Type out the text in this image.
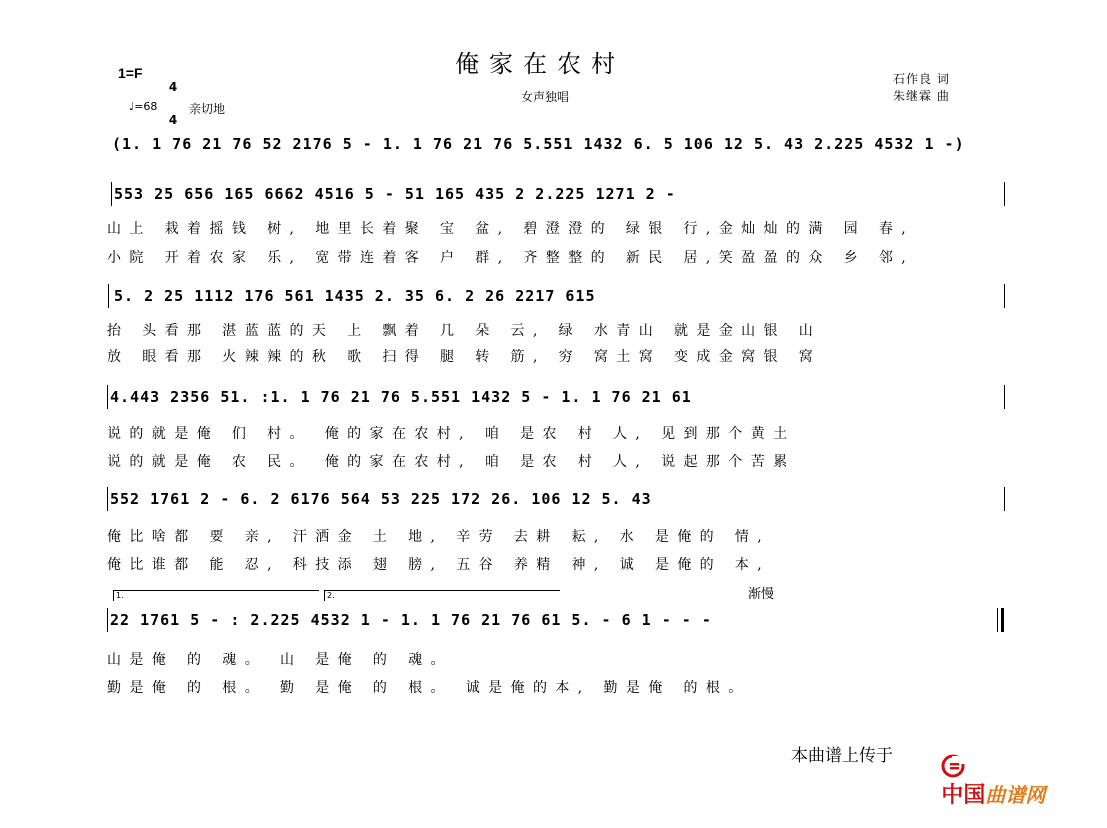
俺家在农村
女声独唱
1=F

4

4

♩=68	亲切地
石作良 词
朱继霖 曲
(1. 1 76 21 76 52 2176 5 - 1. 1 76 21 76 5.551 1432 6. 5 106 12 5. 43 2.225 4532 1 -)
553 25 656 165 6662 4516 5 - 51 165 435 2 2.225 1271 2 -
山上 栽着摇钱 树, 地里长着聚 宝 盆, 碧澄澄的 绿银 行,金灿灿的满 园 春,
小院 开着农家 乐, 宽带连着客 户 群, 齐整整的 新民 居,笑盈盈的众 乡 邻,
5. 2 25 1112 176 561 1435 2. 35 6. 2 26 2217 615
抬 头看那 湛蓝蓝的天 上 飘着 几 朵 云, 绿 水青山 就是金山银 山
放 眼看那 火辣辣的秋 歌 扫得 腿 转 筋, 穷 窝土窝 变成金窝银 窝
4.443 2356 51. :1. 1 76 21 76 5.551 1432 5 - 1. 1 76 21 61
说的就是俺 们 村。 俺的家在农村, 咱 是农 村 人, 见到那个黄土
说的就是俺 农 民。 俺的家在农村, 咱 是农 村 人, 说起那个苦累
552 1761 2 - 6. 2 6176 564 53 225 172 26. 106 12 5. 43
俺比啥都 要 亲, 汗洒金 土 地, 辛劳 去耕 耘, 水 是俺的 情,
俺比谁都 能 忍, 科技添 翅 膀, 五谷 养精 神, 诚 是俺的 本,
1.	2.	渐慢
22 1761 5 - : 2.225 4532 1 - 1. 1 76 21 76 61 5. - 6 1 - - -
山是俺 的 魂。 山 是俺 的 魂。
勤是俺 的 根。 勤 是俺 的 根。 诚是俺的本, 勤是俺 的根。
本曲谱上传于

中国曲谱网
